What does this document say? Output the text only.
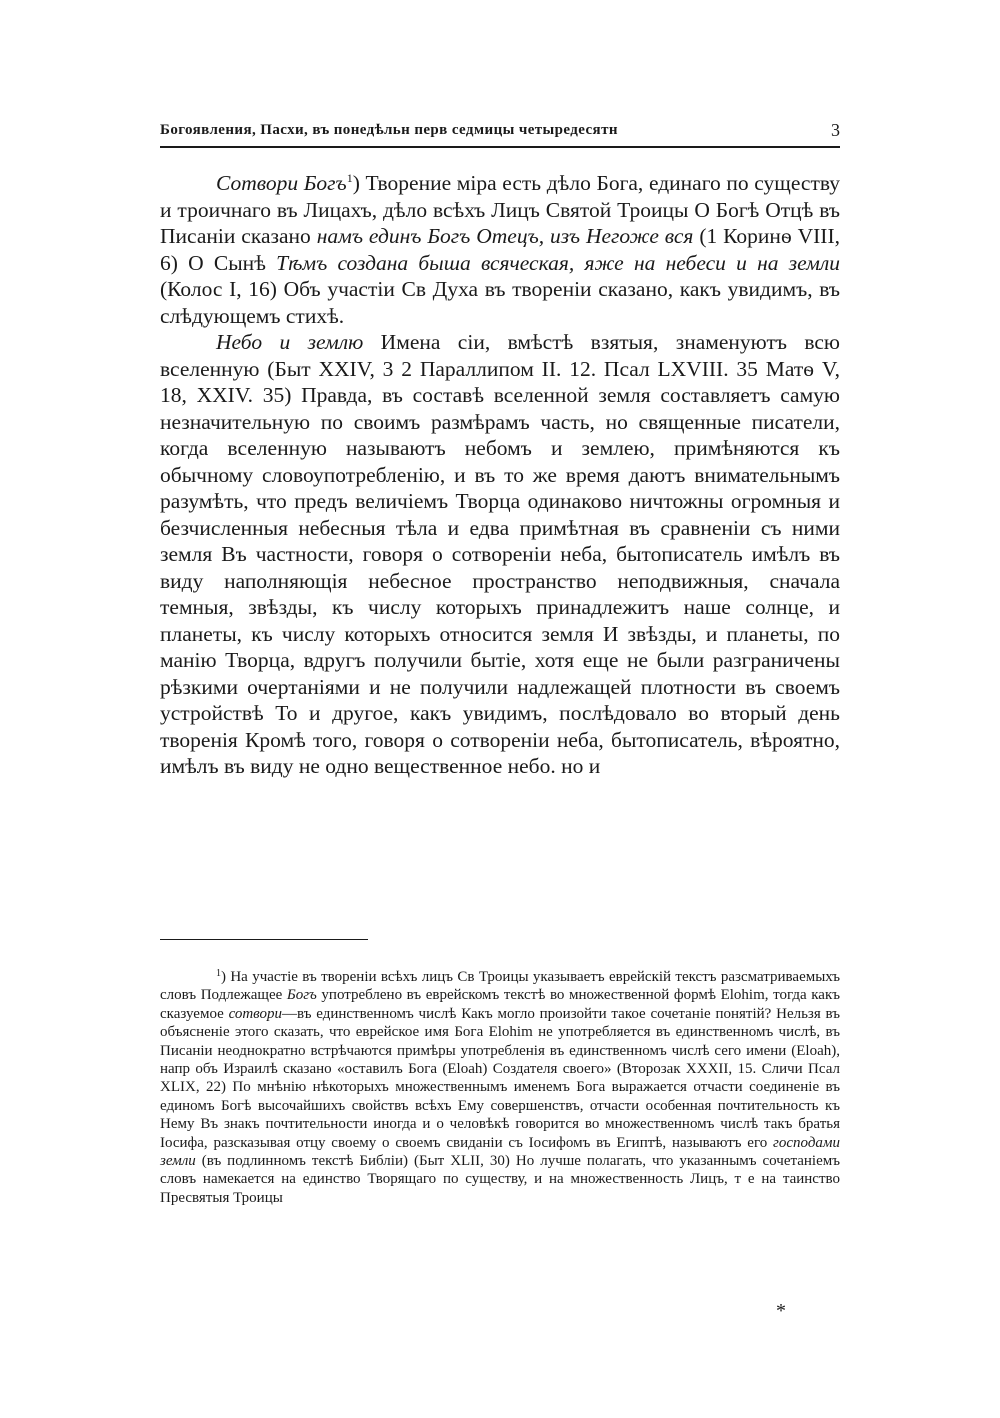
Богоявления, Пасхи, въ понедѣльн перв седмицы четыредесятн	3

Сотвори Богъ$^1$) Творение міра есть дѣло Бога, единаго по существу и троичнаго въ Лицахъ, дѣло всѣхъ Лицъ Святой Троицы О Богѣ Отцѣ въ Писаніи сказано намъ единъ Богъ Отецъ, изъ Негоже вся (1 Коринѳ VIII, 6) О Сынѣ Тѣмъ создана быша всяческая, яже на небеси и на земли (Колос I, 16) Объ участіи Св Духа въ твореніи сказано, какъ увидимъ, въ слѣдующемъ стихѣ.

Небо и землю Имена сіи, вмѣстѣ взятыя, знаменуютъ всю вселенную (Быт XXIV, 3 2 Параллипом II. 12. Псал LXVIII. 35 Матѳ V, 18, XXIV. 35) Правда, въ составѣ вселенной земля составляетъ самую незначительную по своимъ размѣрамъ часть, но священные писатели, когда вселенную называютъ небомъ и землею, примѣняются къ обычному словоупотребленію, и въ то же время даютъ внимательнымъ разумѣть, что предъ величіемъ Творца одинаково ничтожны огромныя и безчисленныя небесныя тѣла и едва примѣтная въ сравненіи съ ними земля Въ частности, говоря о сотвореніи неба, бытописатель имѣлъ въ виду наполняющія небесное пространство неподвижныя, сначала темныя, звѣзды, къ числу которыхъ принадлежитъ наше солнце, и планеты, къ числу которыхъ относится земля И звѣзды, и планеты, по манію Творца, вдругъ получили бытіе, хотя еще не были разграничены рѣзкими очертаніями и не получили надлежащей плотности въ своемъ устройствѣ То и другое, какъ увидимъ, послѣдовало во вторый день творенія Кромѣ того, говоря о сотвореніи неба, бытописатель, вѣроятно, имѣлъ въ виду не одно вещественное небо. но и

$^1$) На участіе въ твореніи всѣхъ лицъ Св Троицы указываетъ еврейскій текстъ разсматриваемыхъ словъ Подлежащее Богъ употреблено въ еврейскомъ текстѣ во множественной формѣ Elohim, тогда какъ сказуемое сотвори—въ единственномъ числѣ Какъ могло произойти такое сочетаніе понятій? Нельзя въ объясненіе этого сказать, что еврейское имя Бога Elohim не употребляется въ единственномъ числѣ, въ Писаніи неоднократно встрѣчаются примѣры употребленія въ единственномъ числѣ сего имени (Eloah), напр объ Израилѣ сказано «оставилъ Бога (Eloah) Создателя своего» (Второзак XXXII, 15. Сличи Псал XLIX, 22) По мнѣнію нѣкоторыхъ множественнымъ именемъ Бога выражается отчасти соединеніе въ единомъ Богѣ высочайшихъ свойствъ всѣхъ Ему совершенствъ, отчасти особенная почтительность къ Нему Въ знакъ почтительности иногда и о человѣкѣ говорится во множественномъ числѣ такъ братья Іосифа, разсказывая отцу своему о своемъ свиданіи съ Іосифомъ въ Египтѣ, называютъ его господами земли (въ подлинномъ текстѣ Библіи) (Быт XLII, 30) Но лучше полагать, что указаннымъ сочетаніемъ словъ намекается на единство Творящаго по существу, и на множественность Лицъ, т е на таинство Пресвятыя Троицы

*
